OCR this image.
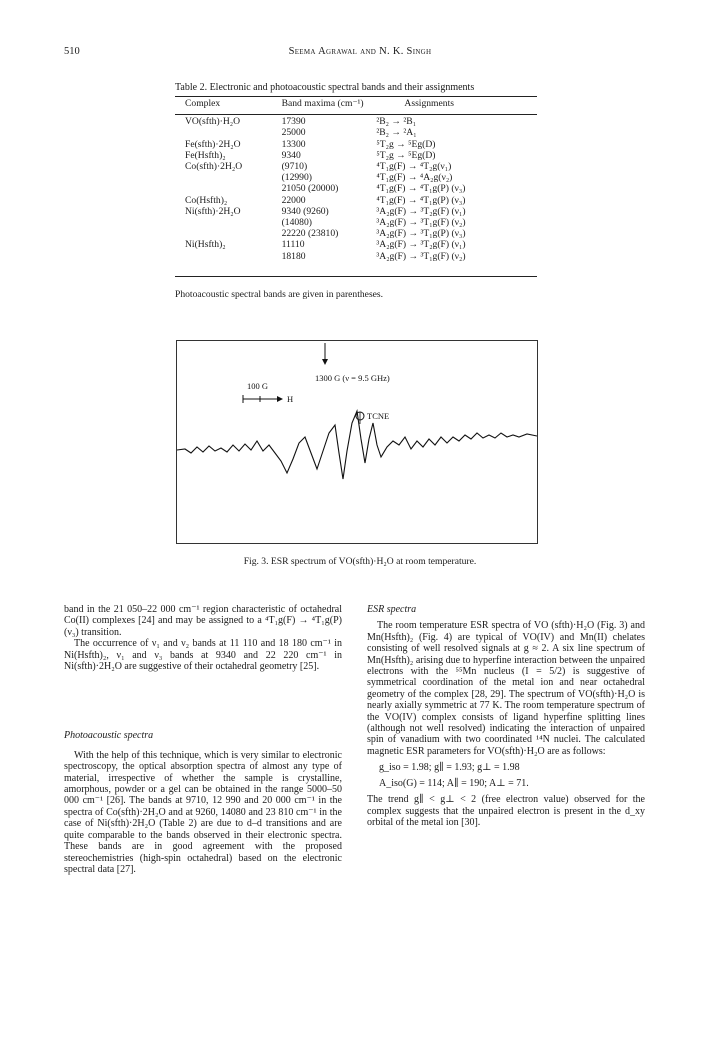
510	Seema Agrawal and N. K. Singh
Table 2. Electronic and photoacoustic spectral bands and their assignments
Complex	Band maxima (cm⁻¹)	Assignments

VO(sfth)·H₂O	17390	²B₂ → ²B₁
	25000	²B₂ → ²A₁
Fe(sfth)·2H₂O	13300	⁵T₂g → ⁵Eg(D)
Fe(Hsfth)₂	9340	⁵T₂g → ⁵Eg(D)
Co(sfth)·2H₂O	(9710)	⁴T₁g(F) → ⁴T₂g(ν₁)
	(12990)	⁴T₁g(F) → ⁴A₂g(ν₂)
	21050 (20000)	⁴T₁g(F) → ⁴T₁g(P) (ν₃)
Co(Hsfth)₂	22000	⁴T₁g(F) → ⁴T₁g(P) (ν₃)
Ni(sfth)·2H₂O	9340 (9260)	³A₂g(F) → ³T₂g(F) (ν₁)
	(14080)	³A₂g(F) → ³T₁g(F) (ν₂)
	22220 (23810)	³A₂g(F) → ³T₁g(P) (ν₃)
Ni(Hsfth)₂	11110	³A₂g(F) → ³T₂g(F) (ν₁)
	18180	³A₂g(F) → ³T₁g(F) (ν₂)
Photoacoustic spectral bands are given in parentheses.
1300 G (ν = 9.5 GHz)
100 G
H
TCNE
Fig. 3. ESR spectrum of VO(sfth)·H₂O at room temperature.

band in the 21 050–22 000 cm⁻¹ region characteristic of octahedral Co(II) complexes [24] and may be assigned to a ⁴T₁g(F) → ⁴T₁g(P)(ν₃) transition.

The occurrence of ν₁ and ν₂ bands at 11 110 and 18 180 cm⁻¹ in Ni(Hsfth)₂, ν₁ and ν₃ bands at 9340 and 22 220 cm⁻¹ in Ni(sfth)·2H₂O are suggestive of their octahedral geometry [25].

Photoacoustic spectra

With the help of this technique, which is very similar to electronic spectroscopy, the optical absorption spectra of almost any type of material, irrespective of whether the sample is crystalline, amorphous, powder or a gel can be obtained in the range 5000–50 000 cm⁻¹ [26]. The bands at 9710, 12 990 and 20 000 cm⁻¹ in the spectra of Co(sfth)·2H₂O and at 9260, 14080 and 23 810 cm⁻¹ in the case of Ni(sfth)·2H₂O (Table 2) are due to d–d transitions and are quite comparable to the bands observed in their electronic spectra. These bands are in good agreement with the proposed stereochemistries (high-spin octahedral) based on the electronic spectral data [27].

ESR spectra

The room temperature ESR spectra of VO (sfth)·H₂O (Fig. 3) and Mn(Hsfth)₂ (Fig. 4) are typical of VO(IV) and Mn(II) chelates consisting of well resolved signals at g ≈ 2. A six line spectrum of Mn(Hsfth)₂ arising due to hyperfine interaction between the unpaired electrons with the ⁵⁵Mn nucleus (I = 5/2) is suggestive of symmetrical coordination of the metal ion and near octahedral geometry of the complex [28, 29]. The spectrum of VO(sfth)·H₂O is nearly axially symmetric at 77 K. The room temperature spectrum of the VO(IV) complex consists of ligand hyperfine splitting lines (although not well resolved) indicating the interaction of unpaired spin of vanadium with two coordinated ¹⁴N nuclei. The calculated magnetic ESR parameters for VO(sfth)·H₂O are as follows:

g_iso = 1.98; g∥ = 1.93; g⊥ = 1.98

A_iso(G) = 114; A∥ = 190; A⊥ = 71.

The trend g∥ < g⊥ < 2 (free electron value) observed for the complex suggests that the unpaired electron is present in the d_xy orbital of the metal ion [30].
